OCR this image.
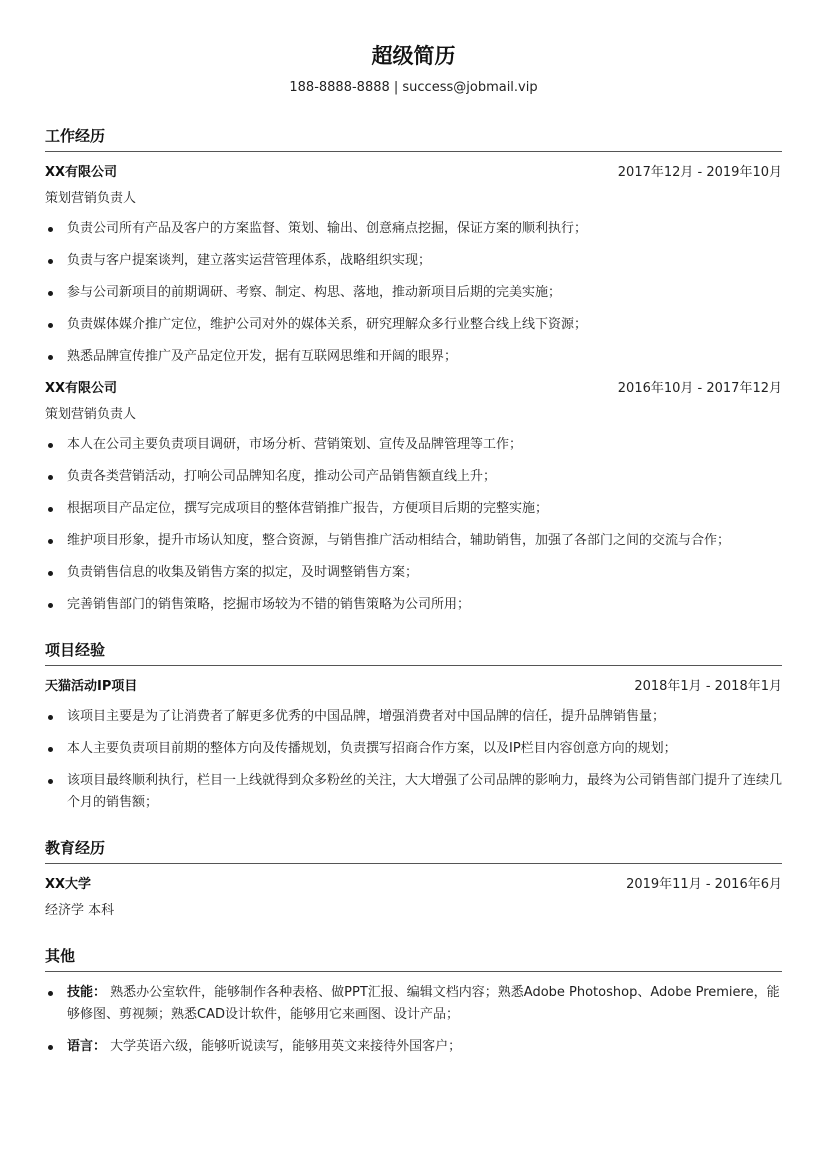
超级简历
188-8888-8888 | success@jobmail.vip
工作经历
XX有限公司	2017年12月 - 2019年10月
策划营销负责人
负责公司所有产品及客户的方案监督、策划、输出、创意痛点挖掘，保证方案的顺利执行；
负责与客户提案谈判，建立落实运营管理体系，战略组织实现；
参与公司新项目的前期调研、考察、制定、构思、落地，推动新项目后期的完美实施；
负责媒体媒介推广定位，维护公司对外的媒体关系，研究理解众多行业整合线上线下资源；
熟悉品牌宣传推广及产品定位开发，据有互联网思维和开阔的眼界；
XX有限公司	2016年10月 - 2017年12月
策划营销负责人
本人在公司主要负责项目调研，市场分析、营销策划、宣传及品牌管理等工作；
负责各类营销活动，打响公司品牌知名度，推动公司产品销售额直线上升；
根据项目产品定位，撰写完成项目的整体营销推广报告，方便项目后期的完整实施；
维护项目形象，提升市场认知度，整合资源，与销售推广活动相结合，辅助销售，加强了各部门之间的交流与合作；
负责销售信息的收集及销售方案的拟定，及时调整销售方案；
完善销售部门的销售策略，挖掘市场较为不错的销售策略为公司所用；
项目经验
天猫活动IP项目	2018年1月 - 2018年1月
该项目主要是为了让消费者了解更多优秀的中国品牌，增强消费者对中国品牌的信任，提升品牌销售量；
本人主要负责项目前期的整体方向及传播规划，负责撰写招商合作方案，以及IP栏目内容创意方向的规划；
该项目最终顺利执行，栏目一上线就得到众多粉丝的关注，大大增强了公司品牌的影响力，最终为公司销售部门提升了连续几个月的销售额；
教育经历
XX大学	2019年11月 - 2016年6月
经济学 本科
其他
技能： 熟悉办公室软件，能够制作各种表格、做PPT汇报、编辑文档内容；熟悉Adobe Photoshop、Adobe Premiere，能够修图、剪视频；熟悉CAD设计软件，能够用它来画图、设计产品；
语言： 大学英语六级，能够听说读写，能够用英文来接待外国客户；
